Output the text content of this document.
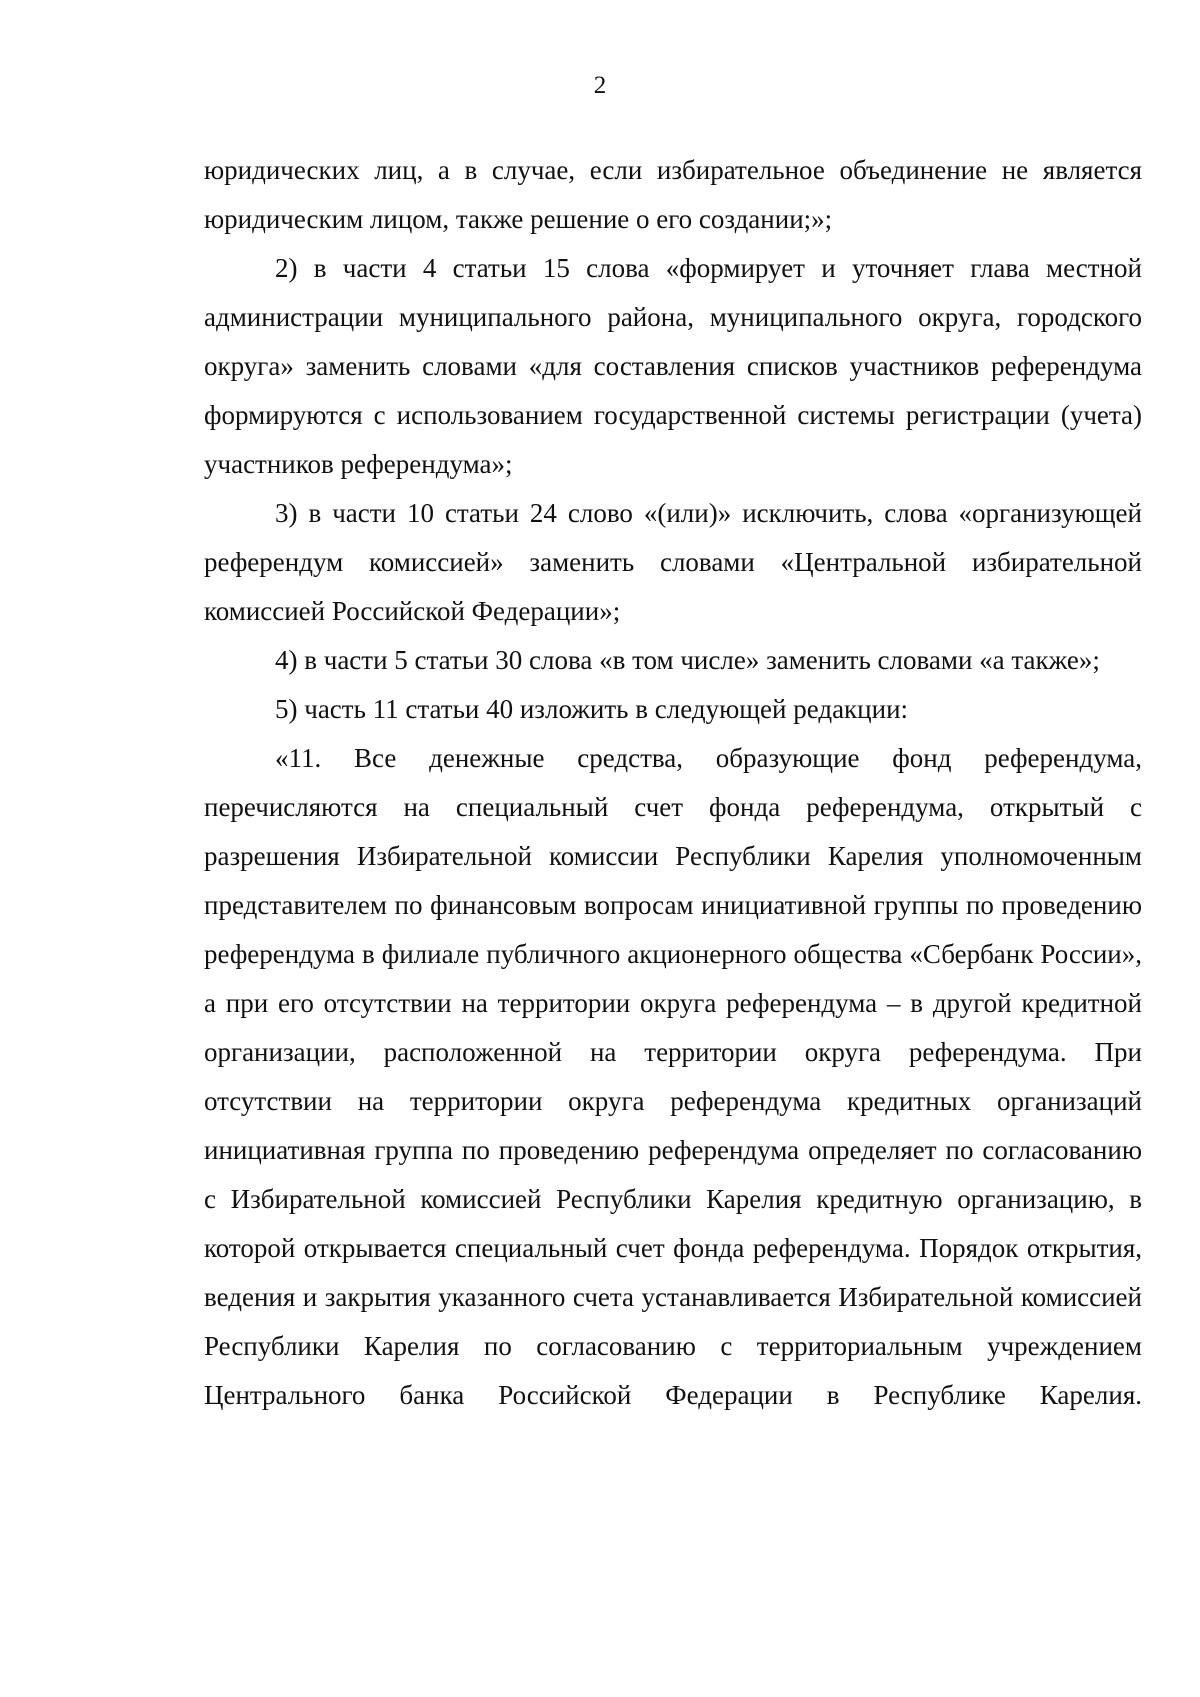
2

юридических лиц, а в случае, если избирательное объединение не является юридическим лицом, также решение о его создании;»;

2) в части 4 статьи 15 слова «формирует и уточняет глава местной администрации муниципального района, муниципального округа, городского округа» заменить словами «для составления списков участников референдума формируются с использованием государственной системы регистрации (учета) участников референдума»;

3) в части 10 статьи 24 слово «(или)» исключить, слова «организующей референдум комиссией» заменить словами «Центральной избирательной комиссией Российской Федерации»;

4) в части 5 статьи 30 слова «в том числе» заменить словами «а также»;

5) часть 11 статьи 40 изложить в следующей редакции:

«11. Все денежные средства, образующие фонд референдума, перечисляются на специальный счет фонда референдума, открытый с разрешения Избирательной комиссии Республики Карелия уполномоченным представителем по финансовым вопросам инициативной группы по проведению референдума в филиале публичного акционерного общества «Сбербанк России», а при его отсутствии на территории округа референдума – в другой кредитной организации, расположенной на территории округа референдума. При отсутствии на территории округа референдума кредитных организаций инициативная группа по проведению референдума определяет по согласованию с Избирательной комиссией Республики Карелия кредитную организацию, в которой открывается специальный счет фонда референдума. Порядок открытия, ведения и закрытия указанного счета устанавливается Избирательной комиссией Республики Карелия по согласованию с территориальным учреждением Центрального банка Российской Федерации в Республике Карелия.
